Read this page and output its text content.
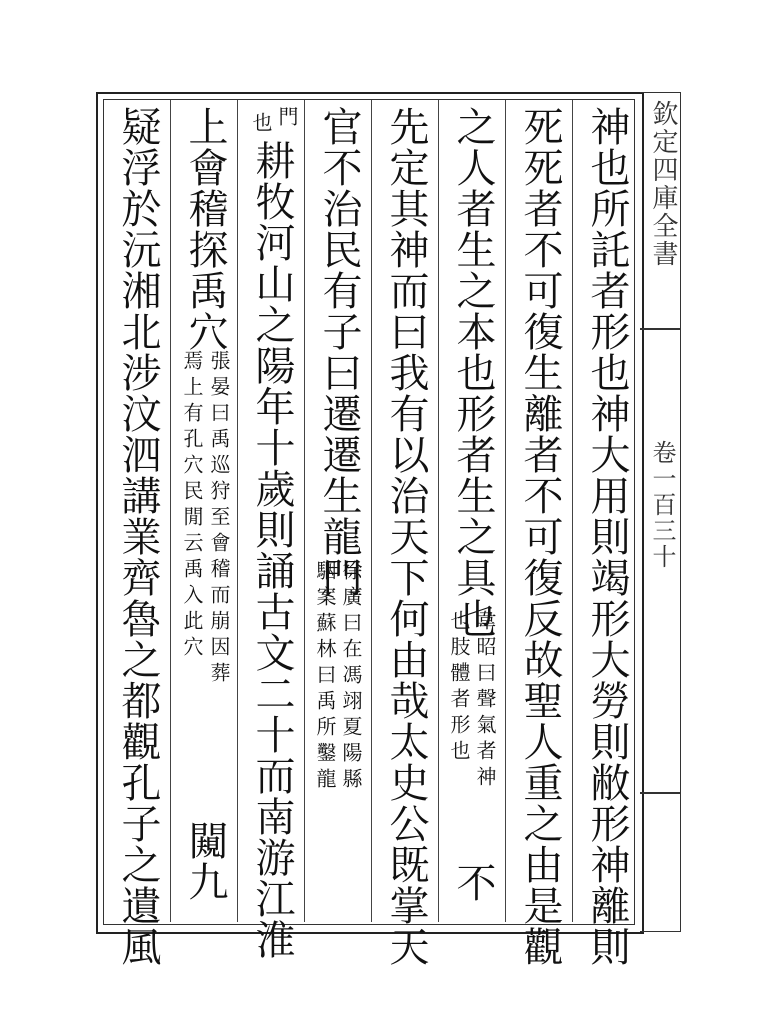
欽定四庫全書
卷一百三十
神也所託者形也神大用則竭形大勞則敝形神離則
死死者不可復生離者不可復反故聖人重之由是觀
之人者生之本也形者生之具也
韋昭曰聲氣者神
也肢體者形也
不
先定其神而曰我有以治天下何由哉太史公既掌天
官不治民有子曰遷遷生龍門
徐廣曰在馮翊夏陽縣
駰案蘇林曰禹所鑿龍
門
也
耕牧河山之陽年十歲則誦古文二十而南游江淮
上會稽探禹穴
張晏曰禹巡狩至會稽而崩因葬
焉上有孔穴民閒云禹入此穴
闚九
疑浮於沅湘北涉汶泗講業齊魯之都觀孔子之遺風
